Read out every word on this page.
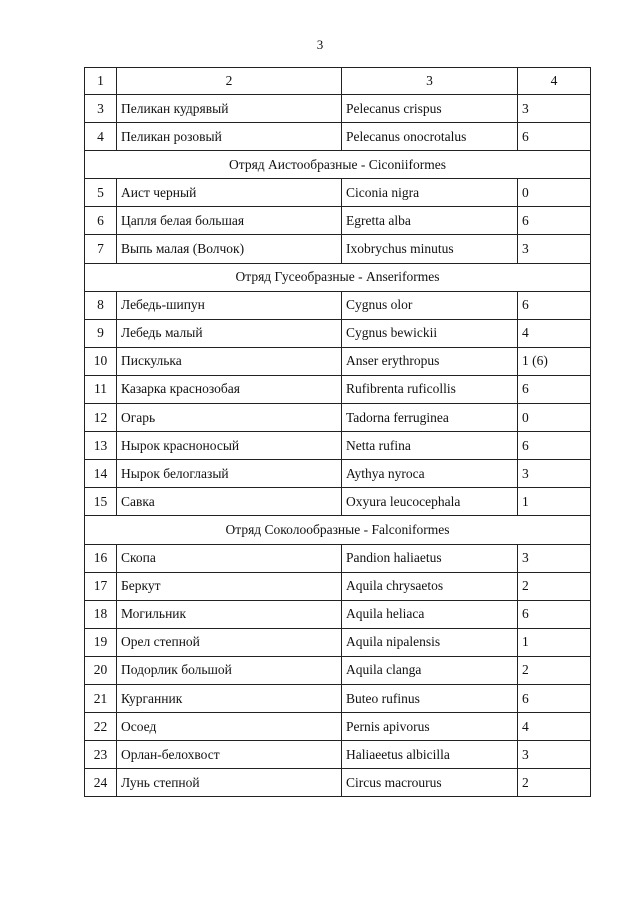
3
1	2	3	4
3	Пеликан кудрявый	Pelecanus crispus	3
4	Пеликан розовый	Pelecanus onocrotalus	6
Отряд Аистообразные - Ciconiiformes			
5	Аист черный	Ciconia nigra	0
6	Цапля белая большая	Egretta alba	6
7	Выпь малая (Волчок)	Ixobrychus minutus	3
Отряд Гусеобразные - Anseriformes			
8	Лебедь-шипун	Cygnus olor	6
9	Лебедь малый	Cygnus bewickii	4
10	Пискулька	Anser erythropus	1 (6)
11	Казарка краснозобая	Rufibrenta ruficollis	6
12	Огарь	Tadorna ferruginea	0
13	Нырок красноносый	Netta rufina	6
14	Нырок белоглазый	Aythya nyroca	3
15	Савка	Oxyura leucocephala	1
Отряд Соколообразные - Falconiformes			
16	Скопа	Pandion haliaetus	3
17	Беркут	Aquila chrysaetos	2
18	Могильник	Aquila heliaca	6
19	Орел степной	Aquila nipalensis	1
20	Подорлик большой	Aquila clanga	2
21	Курганник	Buteo rufinus	6
22	Осоед	Pernis apivorus	4
23	Орлан-белохвост	Haliaeetus albicilla	3
24	Лунь степной	Circus macrourus	2
